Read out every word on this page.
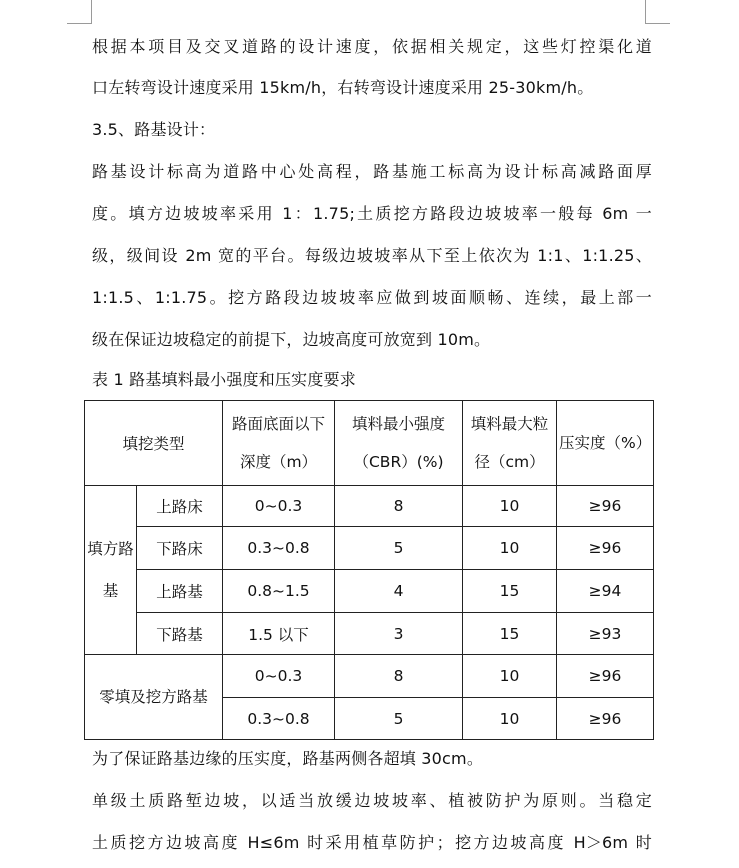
根据本项目及交叉道路的设计速度，依据相关规定，这些灯控渠化道

口左转弯设计速度采用 15km/h，右转弯设计速度采用 25-30km/h。

3.5、路基设计：

路基设计标高为道路中心处高程，路基施工标高为设计标高减路面厚

度。填方边坡坡率采用 1：1.75;土质挖方路段边坡坡率一般每 6m 一

级，级间设 2m 宽的平台。每级边坡坡率从下至上依次为 1:1、1:1.25、

1:1.5、1:1.75。挖方路段边坡坡率应做到坡面顺畅、连续，最上部一

级在保证边坡稳定的前提下，边坡高度可放宽到 10m。

表 1 路基填料最小强度和压实度要求

填挖类型		路面底面以下深度（m）	填料最小强度（CBR）(%)	填料最大粒径（cm）	压实度（%）
填方路基	上路床	0~0.3	8	10	≥96
	下路床	0.3~0.8	5	10	≥96
	上路基	0.8~1.5	4	15	≥94
	下路基	1.5 以下	3	15	≥93
零填及挖方路基		0~0.3	8	10	≥96
		0.3~0.8	5	10	≥96

为了保证路基边缘的压实度，路基两侧各超填 30cm。

单级土质路堑边坡，以适当放缓边坡坡率、植被防护为原则。当稳定

土质挖方边坡高度 H≤6m 时采用植草防护；挖方边坡高度 H＞6m 时
